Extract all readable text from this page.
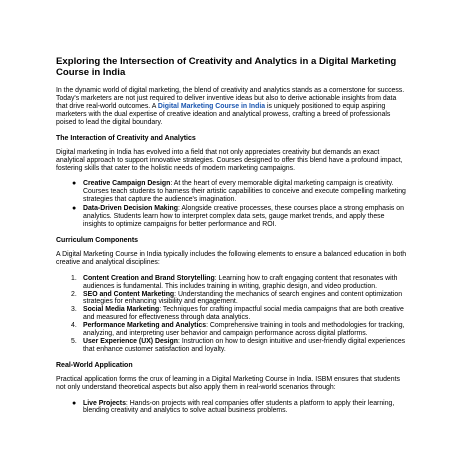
Exploring the Intersection of Creativity and Analytics in a Digital Marketing Course in India

In the dynamic world of digital marketing, the blend of creativity and analytics stands as a cornerstone for success. Today's marketers are not just required to deliver inventive ideas but also to derive actionable insights from data that drive real-world outcomes. A Digital Marketing Course in India is uniquely positioned to equip aspiring marketers with the dual expertise of creative ideation and analytical prowess, crafting a breed of professionals poised to lead the digital boundary.

The Interaction of Creativity and Analytics

Digital marketing in India has evolved into a field that not only appreciates creativity but demands an exact analytical approach to support innovative strategies. Courses designed to offer this blend have a profound impact, fostering skills that cater to the holistic needs of modern marketing campaigns.

● Creative Campaign Design: At the heart of every memorable digital marketing campaign is creativity. Courses teach students to harness their artistic capabilities to conceive and execute compelling marketing strategies that capture the audience's imagination.
● Data-Driven Decision Making: Alongside creative processes, these courses place a strong emphasis on analytics. Students learn how to interpret complex data sets, gauge market trends, and apply these insights to optimize campaigns for better performance and ROI.
Curriculum Components

A Digital Marketing Course in India typically includes the following elements to ensure a balanced education in both creative and analytical disciplines:

1. Content Creation and Brand Storytelling: Learning how to craft engaging content that resonates with audiences is fundamental. This includes training in writing, graphic design, and video production.
2. SEO and Content Marketing: Understanding the mechanics of search engines and content optimization strategies for enhancing visibility and engagement.
3. Social Media Marketing: Techniques for crafting impactful social media campaigns that are both creative and measured for effectiveness through data analytics.
4. Performance Marketing and Analytics: Comprehensive training in tools and methodologies for tracking, analyzing, and interpreting user behavior and campaign performance across digital platforms.
5. User Experience (UX) Design: Instruction on how to design intuitive and user-friendly digital experiences that enhance customer satisfaction and loyalty.
Real-World Application

Practical application forms the crux of learning in a Digital Marketing Course in India. ISBM ensures that students not only understand theoretical aspects but also apply them in real-world scenarios through:

● Live Projects: Hands-on projects with real companies offer students a platform to apply their learning, blending creativity and analytics to solve actual business problems.
